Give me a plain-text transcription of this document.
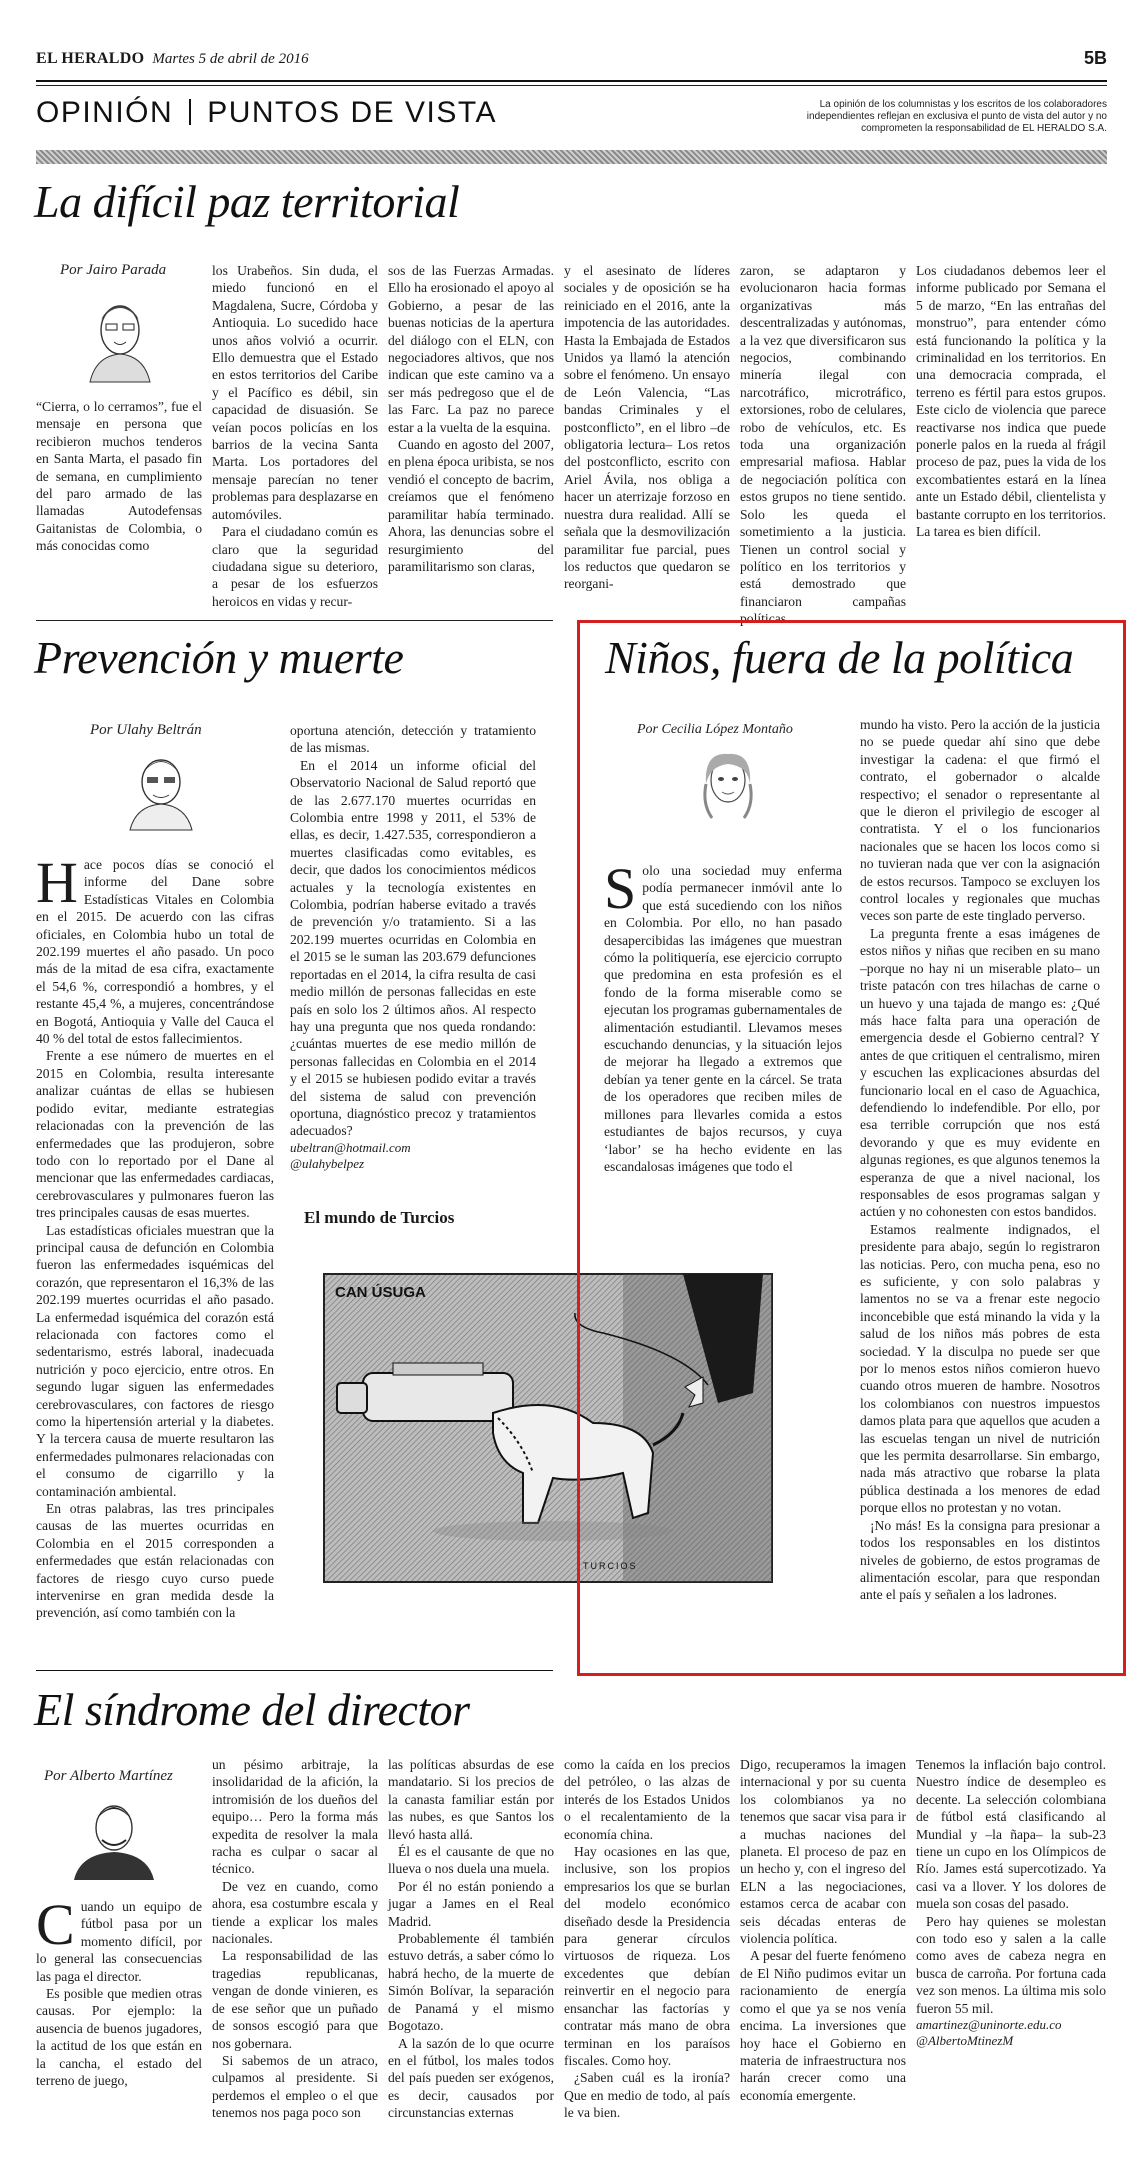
EL HERALDO Martes 5 de abril de 2016	5B
OPINIÓN PUNTOS DE VISTA	La opinión de los columnistas y los escritos de los colaboradores independientes reflejan en exclusiva el punto de vista del autor y no comprometen la responsabilidad de EL HERALDO S.A.
La difícil paz territorial
Por Jairo Parada

“Cierra, o lo cerramos”, fue el mensaje en persona que recibieron muchos tenderos en Santa Marta, el pasado fin de semana, en cumplimiento del paro armado de las llamadas Autodefensas Gaitanistas de Colombia, o más conocidas como

los Urabeños. Sin duda, el miedo funcionó en el Magdalena, Sucre, Córdoba y Antioquia. Lo sucedido hace unos años volvió a ocurrir. Ello demuestra que el Estado en estos territorios del Caribe y el Pacífico es débil, sin capacidad de disuasión. Se veían pocos policías en los barrios de la vecina Santa Marta. Los portadores del mensaje parecían no tener problemas para desplazarse en automóviles.

Para el ciudadano común es claro que la seguridad ciudadana sigue su deterioro, a pesar de los esfuerzos heroicos en vidas y recur-

sos de las Fuerzas Armadas. Ello ha erosionado el apoyo al Gobierno, a pesar de las buenas noticias de la apertura del diálogo con el ELN, con negociadores altivos, que nos indican que este camino va a ser más pedregoso que el de las Farc. La paz no parece estar a la vuelta de la esquina.

Cuando en agosto del 2007, en plena época uribista, se nos vendió el concepto de bacrim, creíamos que el fenómeno paramilitar había terminado. Ahora, las denuncias sobre el resurgimiento del paramilitarismo son claras,

y el asesinato de líderes sociales y de oposición se ha reiniciado en el 2016, ante la impotencia de las autoridades. Hasta la Embajada de Estados Unidos ya llamó la atención sobre el fenómeno. Un ensayo de León Valencia, “Las bandas Criminales y el postconflicto”, en el libro –de obligatoria lectura– Los retos del postconflicto, escrito con Ariel Ávila, nos obliga a hacer un aterrizaje forzoso en nuestra dura realidad. Allí se señala que la desmovilización paramilitar fue parcial, pues los reductos que quedaron se reorgani-

zaron, se adaptaron y evolucionaron hacia formas organizativas más descentralizadas y autónomas, a la vez que diversificaron sus negocios, combinando minería ilegal con narcotráfico, microtráfico, extorsiones, robo de celulares, robo de vehículos, etc. Es toda una organización empresarial mafiosa. Hablar de negociación política con estos grupos no tiene sentido. Solo les queda el sometimiento a la justicia. Tienen un control social y político en los territorios y está demostrado que financiaron campañas políticas.

Los ciudadanos debemos leer el informe publicado por Semana el 5 de marzo, “En las entrañas del monstruo”, para entender cómo está funcionando la política y la criminalidad en los territorios. En una democracia comprada, el terreno es fértil para estos grupos. Este ciclo de violencia que parece reactivarse nos indica que puede ponerle palos en la rueda al frágil proceso de paz, pues la vida de los excombatientes estará en la línea ante un Estado débil, clientelista y bastante corrupto en los territorios. La tarea es bien difícil.

Prevención y muerte
Por Ulahy Beltrán

Hace pocos días se conoció el informe del Dane sobre Estadísticas Vitales en Colombia en el 2015. De acuerdo con las cifras oficiales, en Colombia hubo un total de 202.199 muertes el año pasado. Un poco más de la mitad de esa cifra, exactamente el 54,6 %, correspondió a hombres, y el restante 45,4 %, a mujeres, concentrándose en Bogotá, Antioquia y Valle del Cauca el 40 % del total de estos fallecimientos.

Frente a ese número de muertes en el 2015 en Colombia, resulta interesante analizar cuántas de ellas se hubiesen podido evitar, mediante estrategias relacionadas con la prevención de las enfermedades que las produjeron, sobre todo con lo reportado por el Dane al mencionar que las enfermedades cardiacas, cerebrovasculares y pulmonares fueron las tres principales causas de esas muertes.

Las estadísticas oficiales muestran que la principal causa de defunción en Colombia fueron las enfermedades isquémicas del corazón, que representaron el 16,3% de las 202.199 muertes ocurridas el año pasado. La enfermedad isquémica del corazón está relacionada con factores como el sedentarismo, estrés laboral, inadecuada nutrición y poco ejercicio, entre otros. En segundo lugar siguen las enfermedades cerebrovasculares, con factores de riesgo como la hipertensión arterial y la diabetes. Y la tercera causa de muerte resultaron las enfermedades pulmonares relacionadas con el consumo de cigarrillo y la contaminación ambiental.

En otras palabras, las tres principales causas de las muertes ocurridas en Colombia en el 2015 corresponden a enfermedades que están relacionadas con factores de riesgo cuyo curso puede intervenirse en gran medida desde la prevención, así como también con la

oportuna atención, detección y tratamiento de las mismas.

En el 2014 un informe oficial del Observatorio Nacional de Salud reportó que de las 2.677.170 muertes ocurridas en Colombia entre 1998 y 2011, el 53% de ellas, es decir, 1.427.535, correspondieron a muertes clasificadas como evitables, es decir, que dados los conocimientos médicos actuales y la tecnología existentes en Colombia, podrían haberse evitado a través de prevención y/o tratamiento. Si a las 202.199 muertes ocurridas en Colombia en el 2015 se le suman las 203.679 defunciones reportadas en el 2014, la cifra resulta de casi medio millón de personas fallecidas en este país en solo los 2 últimos años. Al respecto hay una pregunta que nos queda rondando: ¿cuántas muertes de ese medio millón de personas fallecidas en Colombia en el 2014 y el 2015 se hubiesen podido evitar a través del sistema de salud con prevención oportuna, diagnóstico precoz y tratamientos adecuados?

ubeltran@hotmail.com

@ulahybelpez

El mundo de Turcios
CAN ÚSUGA
TURCIOS
Niños, fuera de la política
Por Cecilia López Montaño

Solo una sociedad muy enferma podía permanecer inmóvil ante lo que está sucediendo con los niños en Colombia. Por ello, no han pasado desapercibidas las imágenes que muestran cómo la politiquería, ese ejercicio corrupto que predomina en esta profesión es el fondo de la forma miserable como se ejecutan los programas gubernamentales de alimentación estudiantil. Llevamos meses escuchando denuncias, y la situación lejos de mejorar ha llegado a extremos que debían ya tener gente en la cárcel. Se trata de los operadores que reciben miles de millones para llevarles comida a estos estudiantes de bajos recursos, y cuya ‘labor’ se ha hecho evidente en las escandalosas imágenes que todo el

mundo ha visto. Pero la acción de la justicia no se puede quedar ahí sino que debe investigar la cadena: el que firmó el contrato, el gobernador o alcalde respectivo; el senador o representante al que le dieron el privilegio de escoger al contratista. Y el o los funcionarios nacionales que se hacen los locos como si no tuvieran nada que ver con la asignación de estos recursos. Tampoco se excluyen los control locales y regionales que muchas veces son parte de este tinglado perverso.

La pregunta frente a esas imágenes de estos niños y niñas que reciben en su mano –porque no hay ni un miserable plato– un triste patacón con tres hilachas de carne o un huevo y una tajada de mango es: ¿Qué más hace falta para una operación de emergencia desde el Gobierno central? Y antes de que critiquen el centralismo, miren y escuchen las explicaciones absurdas del funcionario local en el caso de Aguachica, defendiendo lo indefendible. Por ello, por esa terrible corrupción que nos está devorando y que es muy evidente en algunas regiones, es que algunos tenemos la esperanza de que a nivel nacional, los responsables de esos programas salgan y actúen y no cohonesten con estos bandidos.

Estamos realmente indignados, el presidente para abajo, según lo registraron las noticias. Pero, con mucha pena, eso no es suficiente, y con solo palabras y lamentos no se va a frenar este negocio inconcebible que está minando la vida y la salud de los niños más pobres de esta sociedad. Y la disculpa no puede ser que por lo menos estos niños comieron huevo cuando otros mueren de hambre. Nosotros los colombianos con nuestros impuestos damos plata para que aquellos que acuden a las escuelas tengan un nivel de nutrición que les permita desarrollarse. Sin embargo, nada más atractivo que robarse la plata pública destinada a los menores de edad porque ellos no protestan y no votan.

¡No más! Es la consigna para presionar a todos los responsables en los distintos niveles de gobierno, de estos programas de alimentación escolar, para que respondan ante el país y señalen a los ladrones.

El síndrome del director
Por Alberto Martínez

Cuando un equipo de fútbol pasa por un momento difícil, por lo general las consecuencias las paga el director.

Es posible que medien otras causas. Por ejemplo: la ausencia de buenos jugadores, la actitud de los que están en la cancha, el estado del terreno de juego,

un pésimo arbitraje, la insolidaridad de la afición, la intromisión de los dueños del equipo… Pero la forma más expedita de resolver la mala racha es culpar o sacar al técnico.

De vez en cuando, como ahora, esa costumbre escala y tiende a explicar los males nacionales.

La responsabilidad de las tragedias republicanas, vengan de donde vinieren, es de ese señor que un puñado de sonsos escogió para que nos gobernara.

Si sabemos de un atraco, culpamos al presidente. Si perdemos el empleo o el que tenemos nos paga poco son

las políticas absurdas de ese mandatario. Si los precios de la canasta familiar están por las nubes, es que Santos los llevó hasta allá.

Él es el causante de que no llueva o nos duela una muela.

Por él no están poniendo a jugar a James en el Real Madrid.

Probablemente él también estuvo detrás, a saber cómo lo habrá hecho, de la muerte de Simón Bolívar, la separación de Panamá y el mismo Bogotazo.

A la sazón de lo que ocurre en el fútbol, los males todos del país pueden ser exógenos, es decir, causados por circunstancias externas

como la caída en los precios del petróleo, o las alzas de interés de los Estados Unidos o el recalentamiento de la economía china.

Hay ocasiones en las que, inclusive, son los propios empresarios los que se burlan del modelo económico diseñado desde la Presidencia para generar círculos virtuosos de riqueza. Los excedentes que debían reinvertir en el negocio para ensanchar las factorías y contratar más mano de obra terminan en los paraísos fiscales. Como hoy.

¿Saben cuál es la ironía? Que en medio de todo, al país le va bien.

Digo, recuperamos la imagen internacional y por su cuenta los colombianos ya no tenemos que sacar visa para ir a muchas naciones del planeta. El proceso de paz en un hecho y, con el ingreso del ELN a las negociaciones, estamos cerca de acabar con seis décadas enteras de violencia política.

A pesar del fuerte fenómeno de El Niño pudimos evitar un racionamiento de energía como el que ya se nos venía encima. La inversiones que hoy hace el Gobierno en materia de infraestructura nos harán crecer como una economía emergente.

Tenemos la inflación bajo control. Nuestro índice de desempleo es decente. La selección colombiana de fútbol está clasificando al Mundial y –la ñapa– la sub-23 tiene un cupo en los Olímpicos de Río. James está supercotizado. Ya casi va a llover. Y los dolores de muela son cosas del pasado.

Pero hay quienes se molestan con todo eso y salen a la calle como aves de cabeza negra en busca de carroña. Por fortuna cada vez son menos. La última mis solo fueron 55 mil.

amartinez@uninorte.edu.co

@AlbertoMtinezM
